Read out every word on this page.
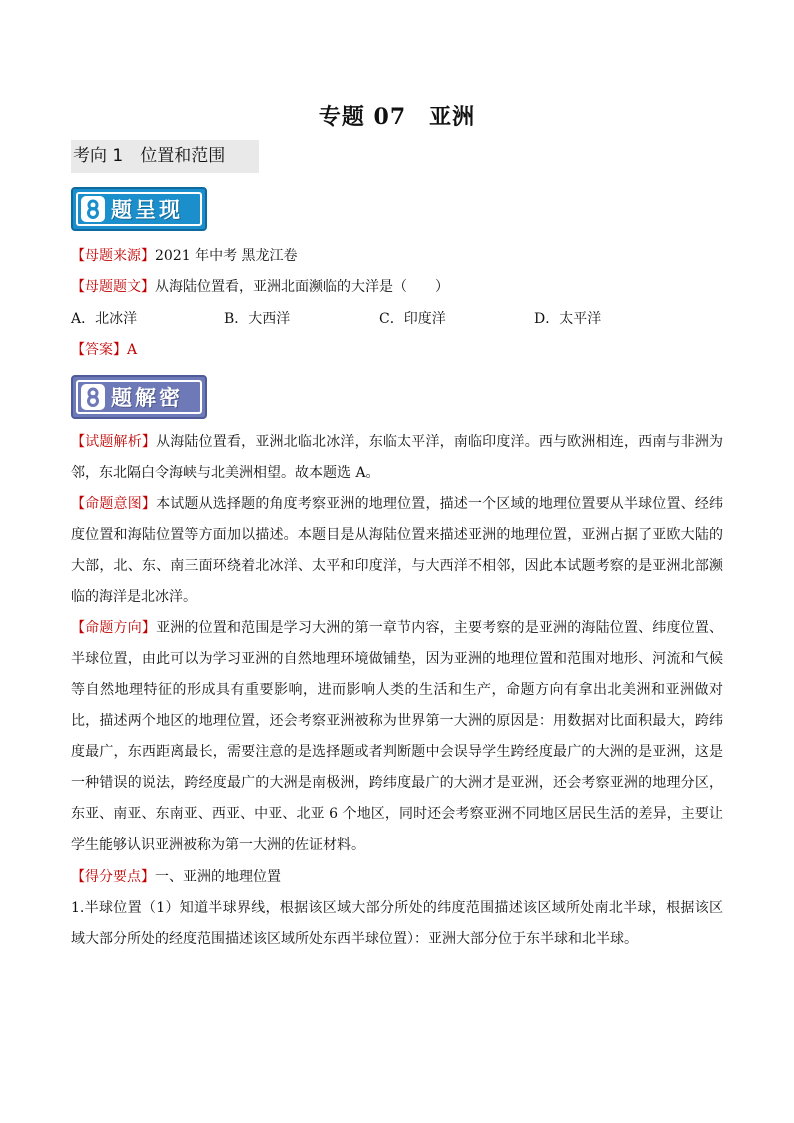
专题 07　亚洲
考向 1　位置和范围
题呈现
【母题来源】2021 年中考 黑龙江卷
【母题题文】从海陆位置看，亚洲北面濒临的大洋是（　　）
A．北冰洋	B．大西洋	C．印度洋	D．太平洋
【答案】A
题解密
【试题解析】从海陆位置看，亚洲北临北冰洋，东临太平洋，南临印度洋。西与欧洲相连，西南与非洲为邻，东北隔白令海峡与北美洲相望。故本题选 A。
【命题意图】本试题从选择题的角度考察亚洲的地理位置，描述一个区域的地理位置要从半球位置、经纬度位置和海陆位置等方面加以描述。本题目是从海陆位置来描述亚洲的地理位置，亚洲占据了亚欧大陆的大部，北、东、南三面环绕着北冰洋、太平和印度洋，与大西洋不相邻，因此本试题考察的是亚洲北部濒临的海洋是北冰洋。
【命题方向】亚洲的位置和范围是学习大洲的第一章节内容，主要考察的是亚洲的海陆位置、纬度位置、半球位置，由此可以为学习亚洲的自然地理环境做铺垫，因为亚洲的地理位置和范围对地形、河流和气候等自然地理特征的形成具有重要影响，进而影响人类的生活和生产，命题方向有拿出北美洲和亚洲做对比，描述两个地区的地理位置，还会考察亚洲被称为世界第一大洲的原因是：用数据对比面积最大，跨纬度最广，东西距离最长，需要注意的是选择题或者判断题中会误导学生跨经度最广的大洲的是亚洲，这是一种错误的说法，跨经度最广的大洲是南极洲，跨纬度最广的大洲才是亚洲，还会考察亚洲的地理分区，东亚、南亚、东南亚、西亚、中亚、北亚 6 个地区，同时还会考察亚洲不同地区居民生活的差异，主要让学生能够认识亚洲被称为第一大洲的佐证材料。
【得分要点】一、亚洲的地理位置
1.半球位置（1）知道半球界线，根据该区域大部分所处的纬度范围描述该区域所处南北半球，根据该区域大部分所处的经度范围描述该区域所处东西半球位置）：亚洲大部分位于东半球和北半球。
